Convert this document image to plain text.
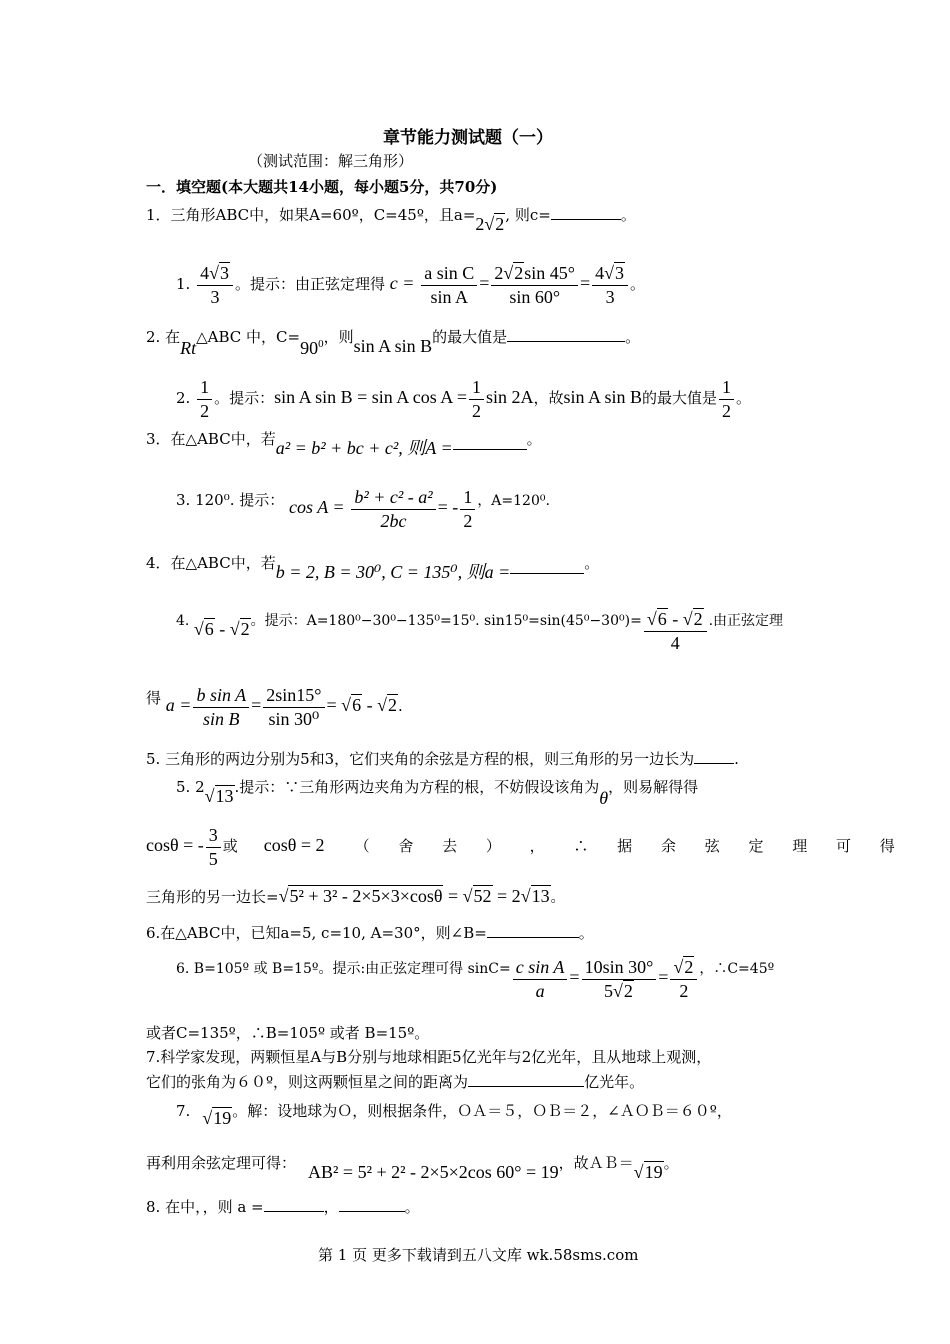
章节能力测试题（一）
（测试范围：解三角形）
一．填空题(本大题共14小题，每小题5分，共70分)
1．三角形ABC中，如果A=60º，C=45º，且a=2√2, 则c=	。
1. $\frac{4√3}{3}$ 。提示：由正弦定理得 $c = \frac{\text{a sin C}}{\text{sin A}} = \frac{2√2\sin 45^\circ}{\sin 60^\circ} = \frac{4√3}{3}$ 。
2. 在Rt△ABC 中，$C=90^0$，则sin A sin B的最大值是	。
2. $\frac{1}{2}$ 。提示：sin A sin B = sin A $\cos A = \frac{1}{2}$ sin 2A，故sin A sin B的最大值是 $\frac{1}{2}$ 。
3．在△ABC中，若a² = b² + bc + c², 则A =	。
3. 120⁰. 提示： $\cos A = \frac{\text{b² + c² - a²}}{2bc}$ = - $\frac{1}{2}$ ，A=120⁰.
4．在△ABC中，若b = 2, B = 30⁰, C = 135⁰, 则a =	。
4. √6 - √2。提示：A=180⁰−30⁰−135⁰=15⁰. $\sin 15^0=\sin(45^0-30^0)= \frac{√6 - √2}{4}$ .由正弦定理
得 $a = \frac{\text{b sin A}}{\text{sin B}} = \frac{2\sin 15^\circ}{\text{sin 30⁰}} = √6 - √2$.
5. 三角形的两边分别为5和3，它们夹角的余弦是方程的根，则三角形的另一边长为	.
5. 2√13.提示：∵三角形两边夹角为方程的根，不妨假设该角为θ，则易解得得
cosθ = - $\frac{3}{5}$ 或 cosθ = 2 （ 舍 去 ） ， ∴ 据 余 弦 定 理 可 得
三角形的另一边长=√5² + 3² - 2×5×3×cosθ = √52 = 2√13。
6.在△ABC中，已知a=5, c=10, A=30°，则∠B=	。
6. B=105º 或 B=15º。提示:由正弦定理可得 $\sin C= \frac{\text{c sin A}}{a} = \frac{10\sin 30^\circ}{5√2} = \frac{√2}{2}$ ，∴C=45º
或者C=135º，∴B=105º 或者 B=15º。
7.科学家发现，两颗恒星A与B分别与地球相距5亿光年与2亿光年，且从地球上观测，
它们的张角为６０º，则这两颗恒星之间的距离为	亿光年。
7. √19。解：设地球为Ｏ，则根据条件，ＯＡ＝５，ＯＢ＝２，∠ＡＯＢ＝６０º，
再利用余弦定理可得： AB² = 5² + 2² - 2×5×2cos 60° = 19，故ＡＢ＝√19。
8. 在中，，则 a =	，	。
第 1 页 更多下载请到五八文库 wk.58sms.com
